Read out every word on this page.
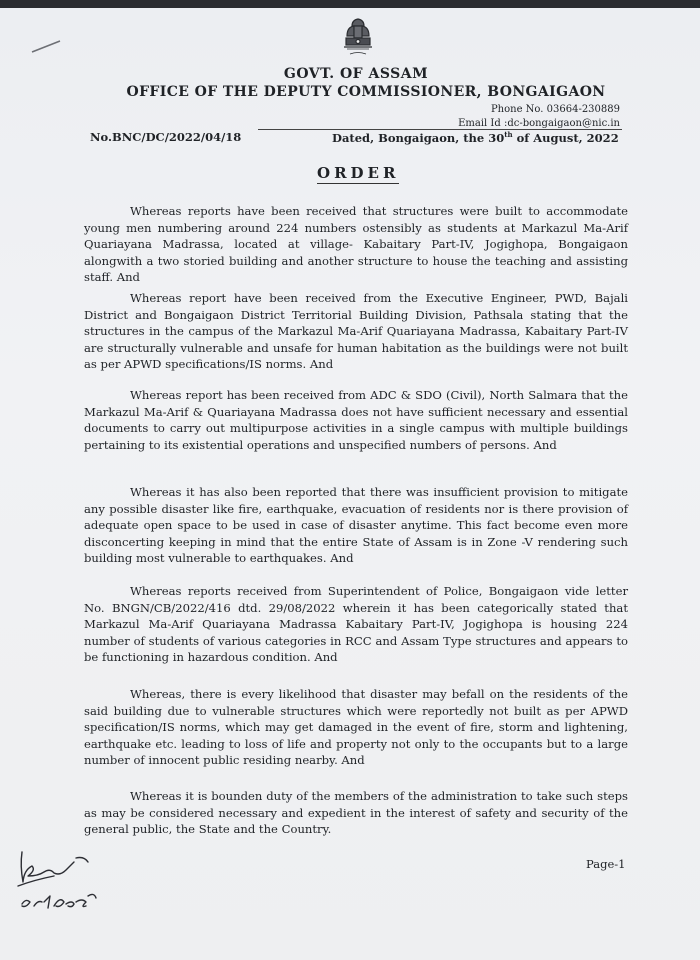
GOVT. OF ASSAM
OFFICE OF THE DEPUTY COMMISSIONER, BONGAIGAON
Phone No. 03664-230889
Email Id :dc-bongaigaon@nic.in
No.BNC/DC/2022/04/18	Dated, Bongaigaon, the 30th of August, 2022
ORDER
Whereas reports have been received that structures were built to accommodate young men numbering around 224 numbers ostensibly as students at Markazul Ma-Arif Quariayana Madrassa, located at village- Kabaitary Part-IV, Jogighopa, Bongaigaon alongwith a two storied building and another structure to house the teaching and assisting staff. And
Whereas report have been received from the Executive Engineer, PWD, Bajali District and Bongaigaon District Territorial Building Division, Pathsala stating that the structures in the campus of the Markazul Ma-Arif Quariayana Madrassa, Kabaitary Part-IV are structurally vulnerable and unsafe for human habitation as the buildings were not built as per APWD specifications/IS norms. And
Whereas report has been received from ADC & SDO (Civil), North Salmara that the Markazul Ma-Arif & Quariayana Madrassa does not have sufficient necessary and essential documents to carry out multipurpose activities in a single campus with multiple buildings pertaining to its existential operations and unspecified numbers of persons. And
Whereas it has also been reported that there was insufficient provision to mitigate any possible disaster like fire, earthquake, evacuation of residents nor is there provision of adequate open space to be used in case of disaster anytime. This fact become even more disconcerting keeping in mind that the entire State of Assam is in Zone -V rendering such building most vulnerable to earthquakes. And
Whereas reports received from Superintendent of Police, Bongaigaon vide letter No. BNGN/CB/2022/416 dtd. 29/08/2022 wherein it has been categorically stated that Markazul Ma-Arif Quariayana Madrassa Kabaitary Part-IV, Jogighopa is housing 224 number of students of various categories in RCC and Assam Type structures and appears to be functioning in hazardous condition. And
Whereas, there is every likelihood that disaster may befall on the residents of the said building due to vulnerable structures which were reportedly not built as per APWD specification/IS norms, which may get damaged in the event of fire, storm and lightening, earthquake etc. leading to loss of life and property not only to the occupants but to a large number of innocent public residing nearby. And
Whereas it is bounden duty of the members of the administration to take such steps as may be considered necessary and expedient in the interest of safety and security of the general public, the State and the Country.
Page-1
